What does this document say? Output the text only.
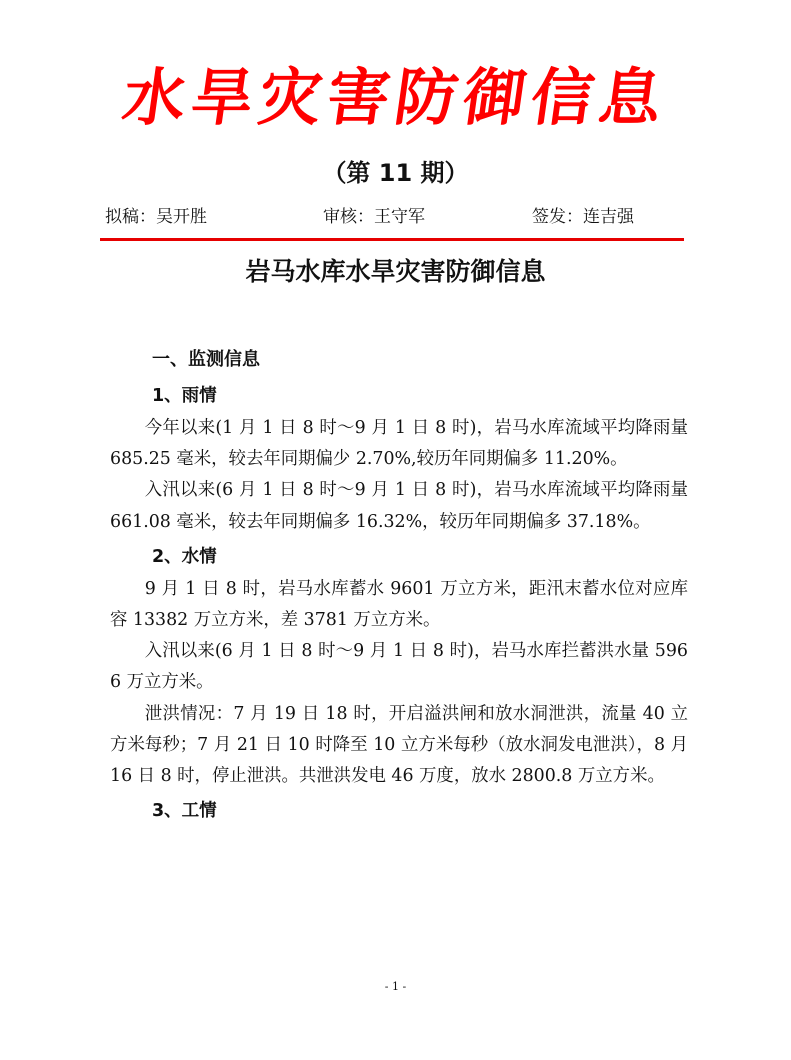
水旱灾害防御信息
（第 11 期）
拟稿：吴开胜	审核：王守军	签发：连吉强
岩马水库水旱灾害防御信息
一、监测信息
1、雨情

今年以来(1 月 1 日 8 时～9 月 1 日 8 时)，岩马水库流域平均降雨量 685.25 毫米，较去年同期偏少 2.70%,较历年同期偏多 11.20%。

入汛以来(6 月 1 日 8 时～9 月 1 日 8 时)，岩马水库流域平均降雨量 661.08 毫米，较去年同期偏多 16.32%，较历年同期偏多 37.18%。

2、水情

9 月 1 日 8 时，岩马水库蓄水 9601 万立方米，距汛末蓄水位对应库容 13382 万立方米，差 3781 万立方米。

入汛以来(6 月 1 日 8 时～9 月 1 日 8 时)，岩马水库拦蓄洪水量 5966 万立方米。

泄洪情况：7 月 19 日 18 时，开启溢洪闸和放水洞泄洪，流量 40 立方米每秒；7 月 21 日 10 时降至 10 立方米每秒（放水洞发电泄洪），8 月 16 日 8 时，停止泄洪。共泄洪发电 46 万度，放水 2800.8 万立方米。

3、工情
- 1 -
